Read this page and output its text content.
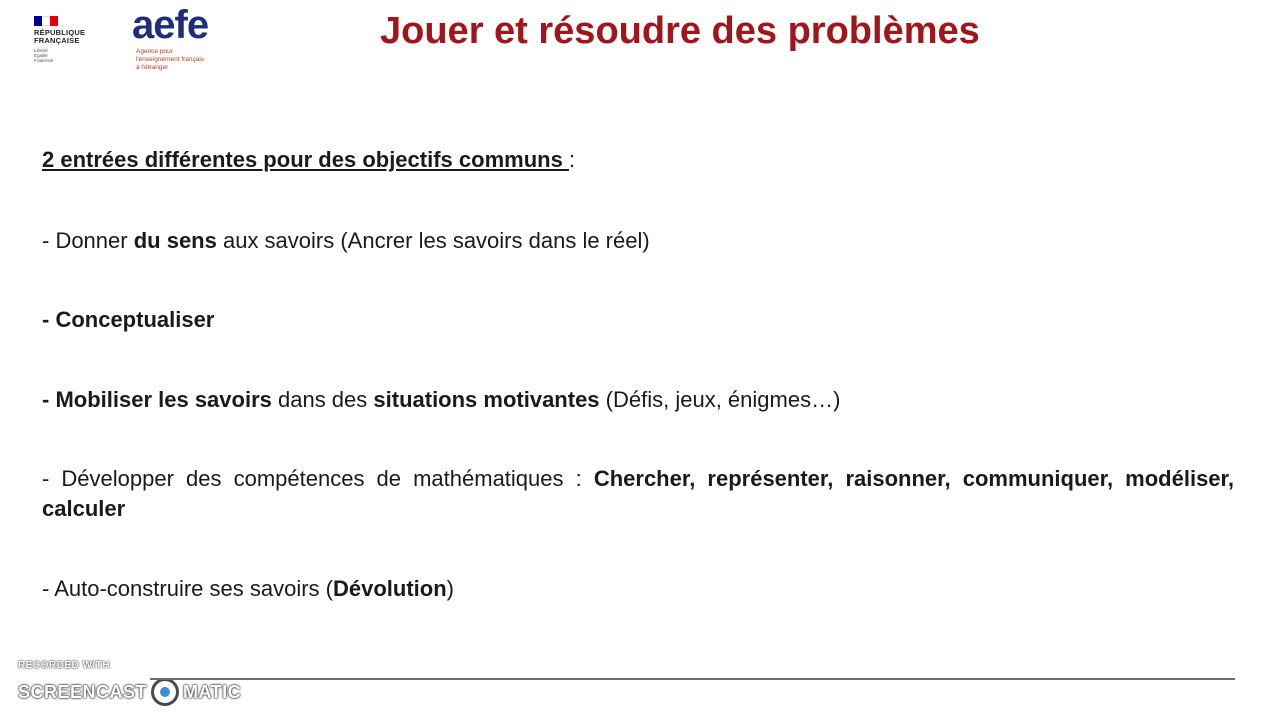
RÉPUBLIQUE
FRANÇAISE
Liberté
Égalité
Fraternité
aefe
Agence pour
l'enseignement français
à l'étranger
Jouer et résoudre des problèmes
2 entrées différentes pour des objectifs communs :
- Donner du sens aux savoirs (Ancrer les savoirs dans le réel)
- Conceptualiser
- Mobiliser les savoirs dans des situations motivantes (Défis, jeux, énigmes…)
- Développer des compétences de mathématiques : Chercher, représenter, raisonner, communiquer, modéliser, calculer
- Auto-construire ses savoirs (Dévolution)
RECORDED WITH
SCREENCAST MATIC
